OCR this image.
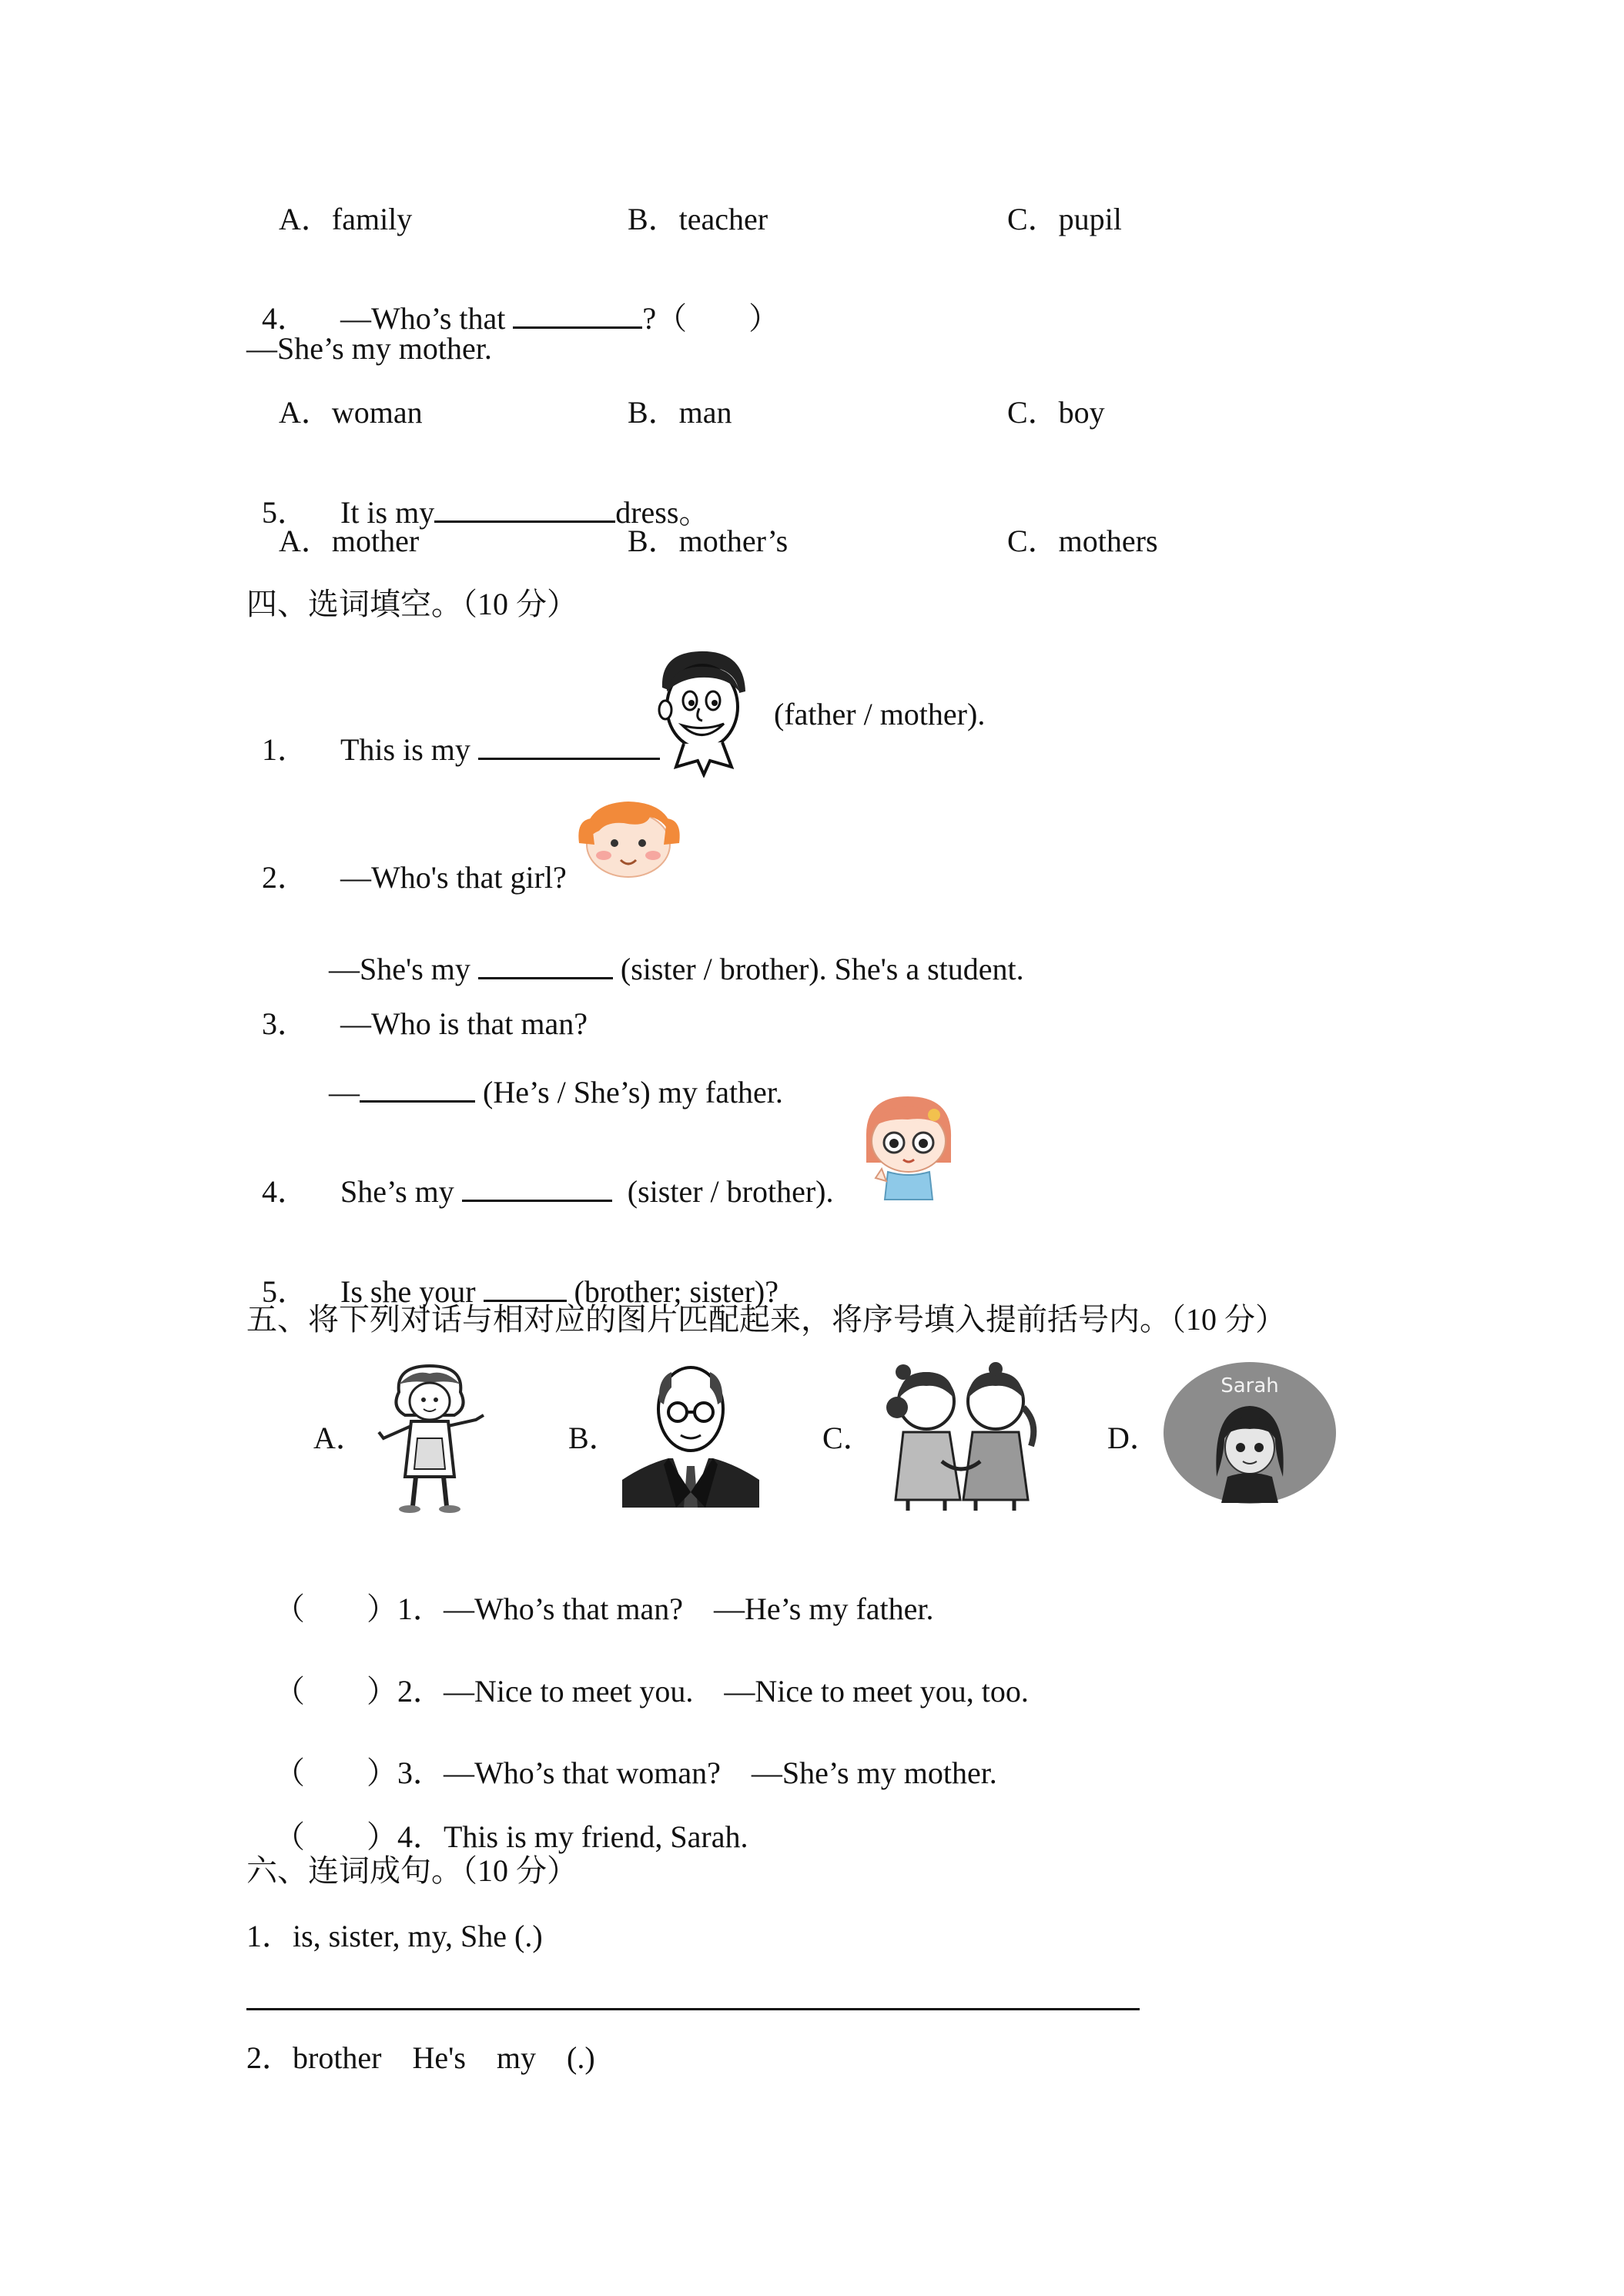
A．family	B．teacher	C．pupil

4． —Who’s that	?（        ）

—She’s my mother.
A．woman	B．man	C．boy

5． It is my	dress。

A．mother	B．mother’s	C．mothers
四、选词填空。（10 分）

1． This is my

(father / mother).

2． —Who's that girl?

—She's my	(sister / brother). She's a student.

3． —Who is that man?

—	(He’s / She’s) my father.

4． She’s my	(sister / brother).

5． Is she your	(brother; sister)?

五、将下列对话与相对应的图片匹配起来，将序号填入提前括号内。（10 分）
A．	B．	C．	D．
Sarah

（        ）1．—Who’s that man?    —He’s my father.

（        ）2．—Nice to meet you.    —Nice to meet you, too.

（        ）3．—Who’s that woman?    —She’s my mother.

（        ）4．This is my friend, Sarah.

六、连词成句。（10 分）
1．is, sister, my, She (.)
2．brother    He's    my    (.)
